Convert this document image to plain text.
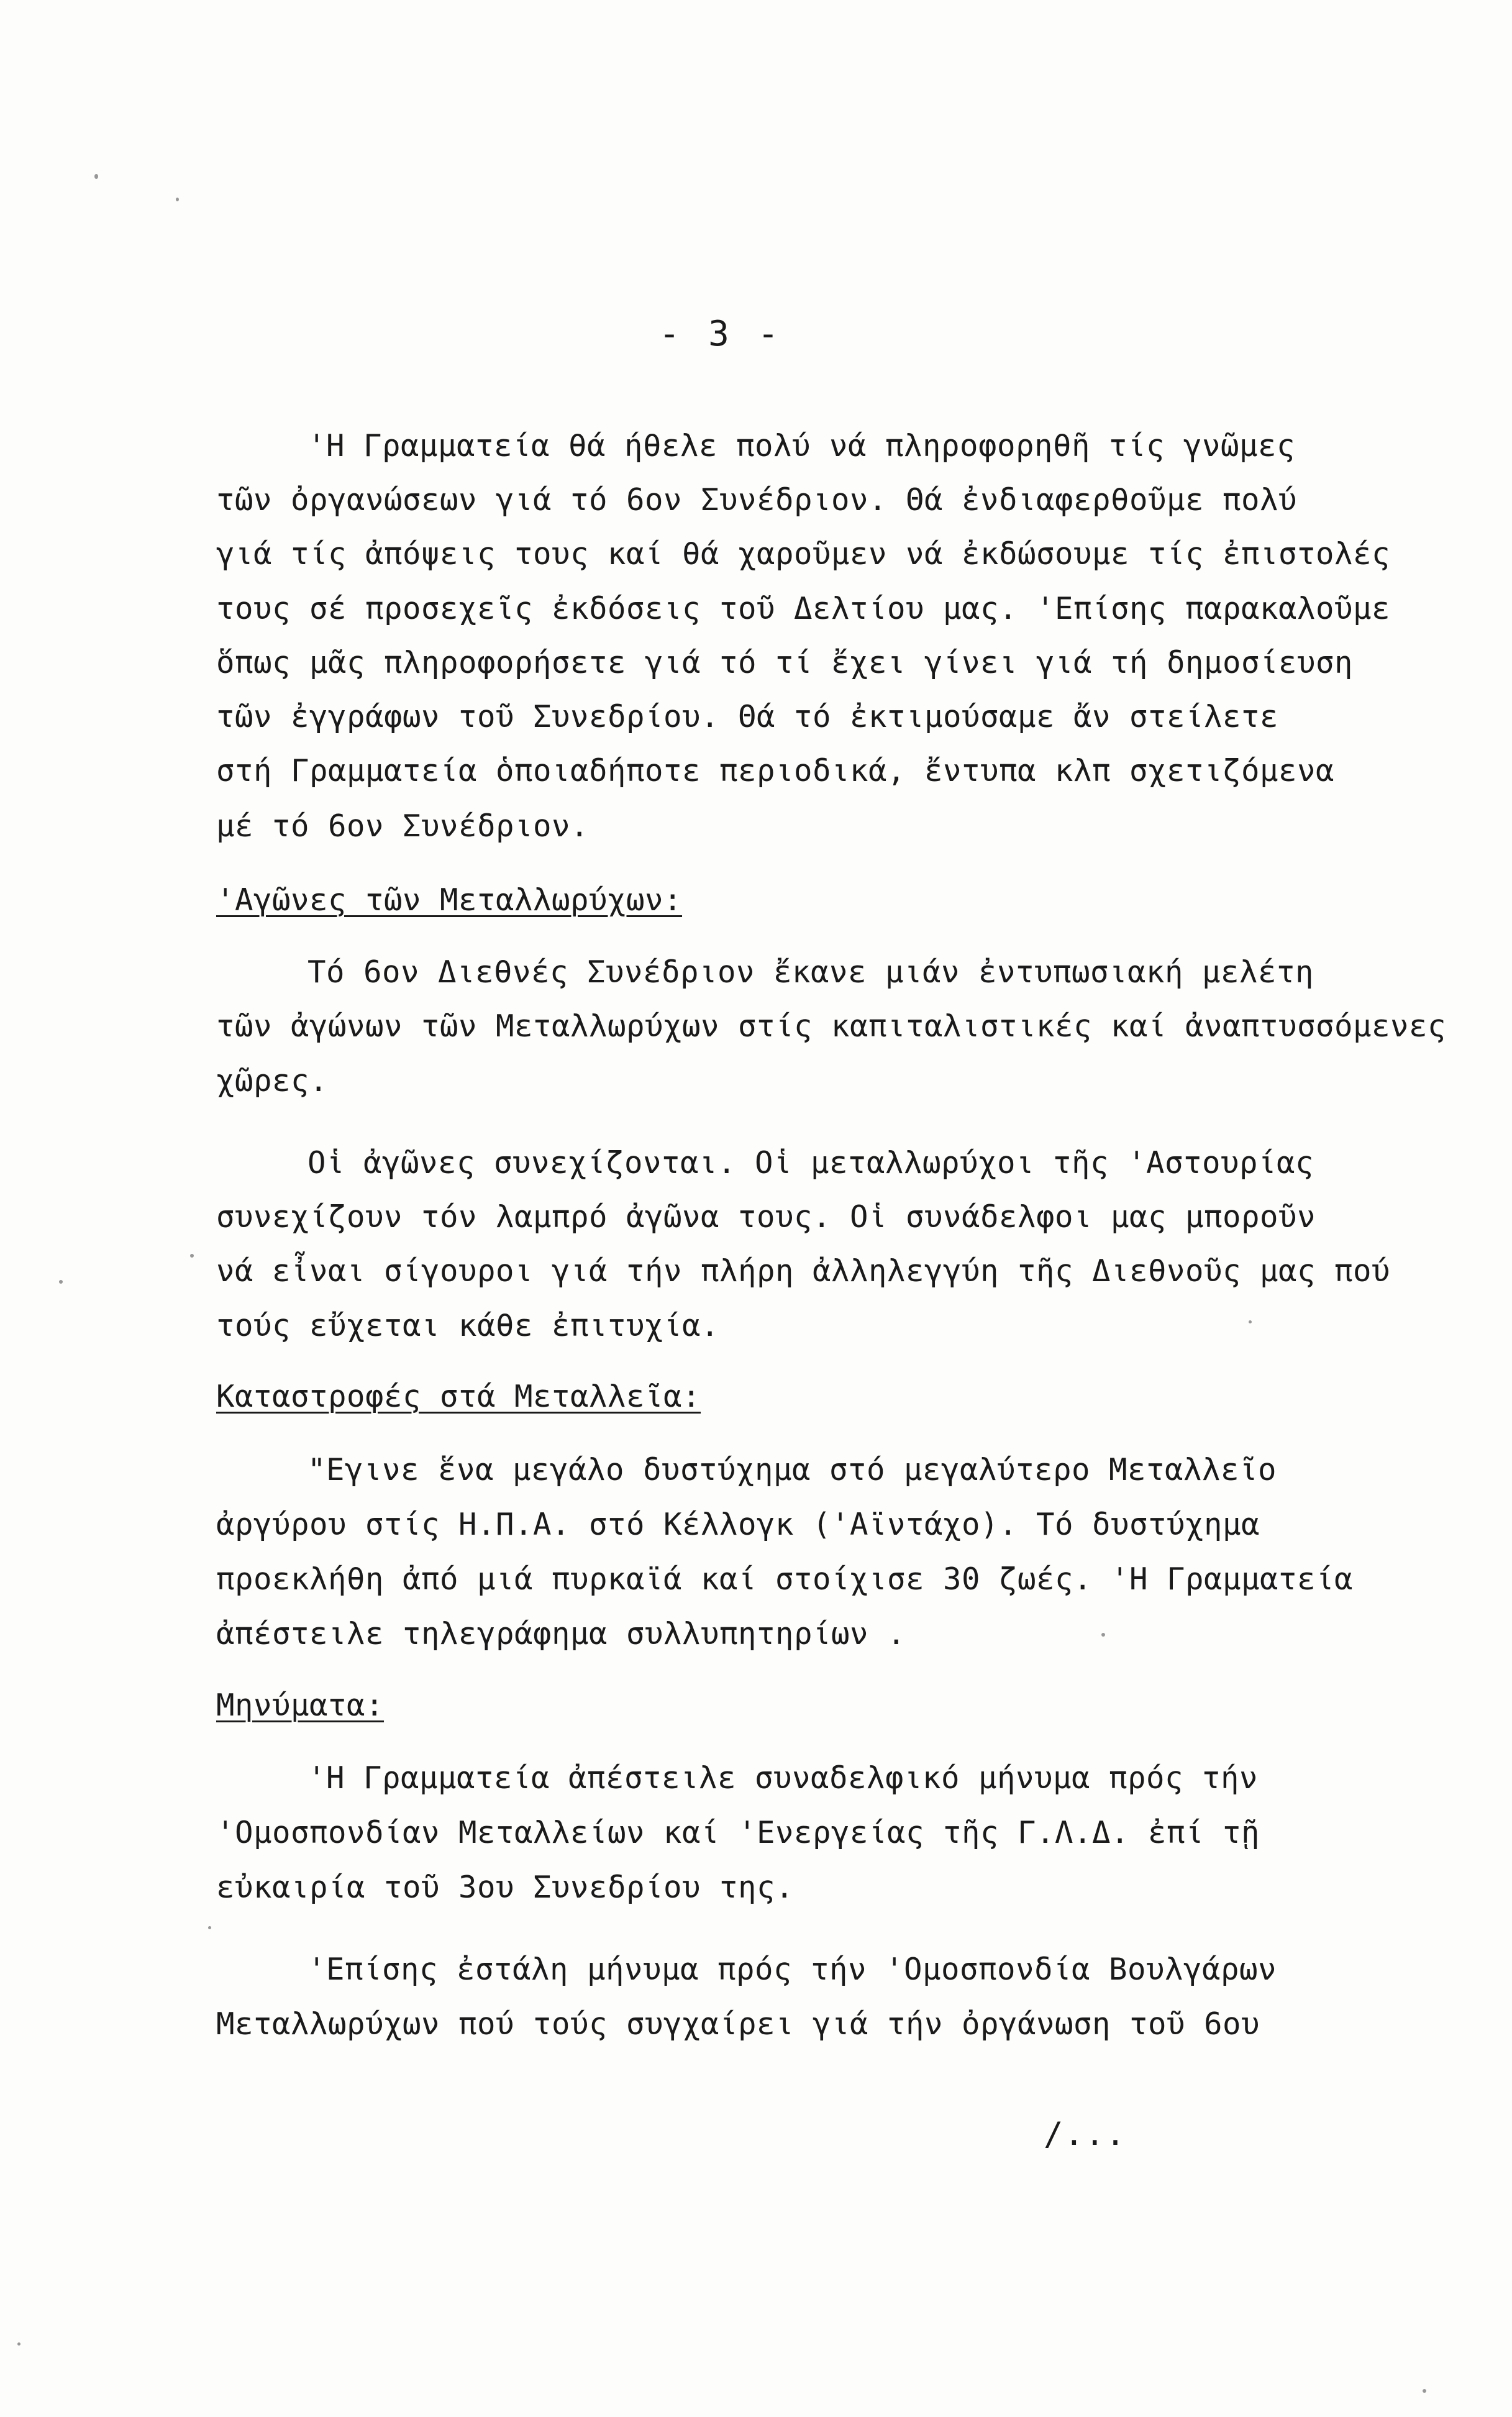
- 3 -
'Η Γραμματεία θά ήθελε πολύ νά πληροφορηθῆ τίς γνῶμες
τῶν ὀργανώσεων γιά τό 6ον Συνέδριον. Θά ἐνδιαφερθοῦμε πολύ
γιά τίς ἀπόψεις τους καί θά χαροῦμεν νά ἐκδώσουμε τίς ἐπιστολές
τους σέ προσεχεῖς ἐκδόσεις τοῦ Δελτίου μας. 'Επίσης παρακαλοῦμε
ὅπως μᾶς πληροφορήσετε γιά τό τί ἔχει γίνει γιά τή δημοσίευση
τῶν ἐγγράφων τοῦ Συνεδρίου. Θά τό ἐκτιμούσαμε ἄν στείλετε
στή Γραμματεία ὁποιαδήποτε περιοδικά, ἔντυπα κλπ σχετιζόμενα
μέ τό 6ον Συνέδριον.
'Αγῶνες τῶν Μεταλλωρύχων:
Τό 6ον Διεθνές Συνέδριον ἔκανε μιάν ἐντυπωσιακή μελέτη
τῶν ἀγώνων τῶν Μεταλλωρύχων στίς καπιταλιστικές καί ἀναπτυσσόμενες
χῶρες.
Οἱ ἀγῶνες συνεχίζονται. Οἱ μεταλλωρύχοι τῆς 'Αστουρίας
συνεχίζουν τόν λαμπρό ἀγῶνα τους. Οἱ συνάδελφοι μας μποροῦν
νά εἶναι σίγουροι γιά τήν πλήρη ἀλληλεγγύη τῆς Διεθνοῦς μας πού
τούς εὔχεται κάθε ἐπιτυχία.
Καταστροφές στά Μεταλλεῖα:
"Εγινε ἕνα μεγάλο δυστύχημα στό μεγαλύτερο Μεταλλεῖο
ἀργύρου στίς Η.Π.Α. στό Κέλλογκ ('Αϊντάχο). Τό δυστύχημα
προεκλήθη ἀπό μιά πυρκαϊά καί στοίχισε 30 ζωές. 'Η Γραμματεία
ἀπέστειλε τηλεγράφημα συλλυπητηρίων .
Μηνύματα:
'Η Γραμματεία ἀπέστειλε συναδελφικό μήνυμα πρός τήν
'Ομοσπονδίαν Μεταλλείων καί 'Ενεργείας τῆς Γ.Λ.Δ. ἐπί τῇ
εὐκαιρία τοῦ 3ου Συνεδρίου της.
'Επίσης ἐστάλη μήνυμα πρός τήν 'Ομοσπονδία Βουλγάρων
Μεταλλωρύχων πού τούς συγχαίρει γιά τήν ὀργάνωση τοῦ 6ου
/...
